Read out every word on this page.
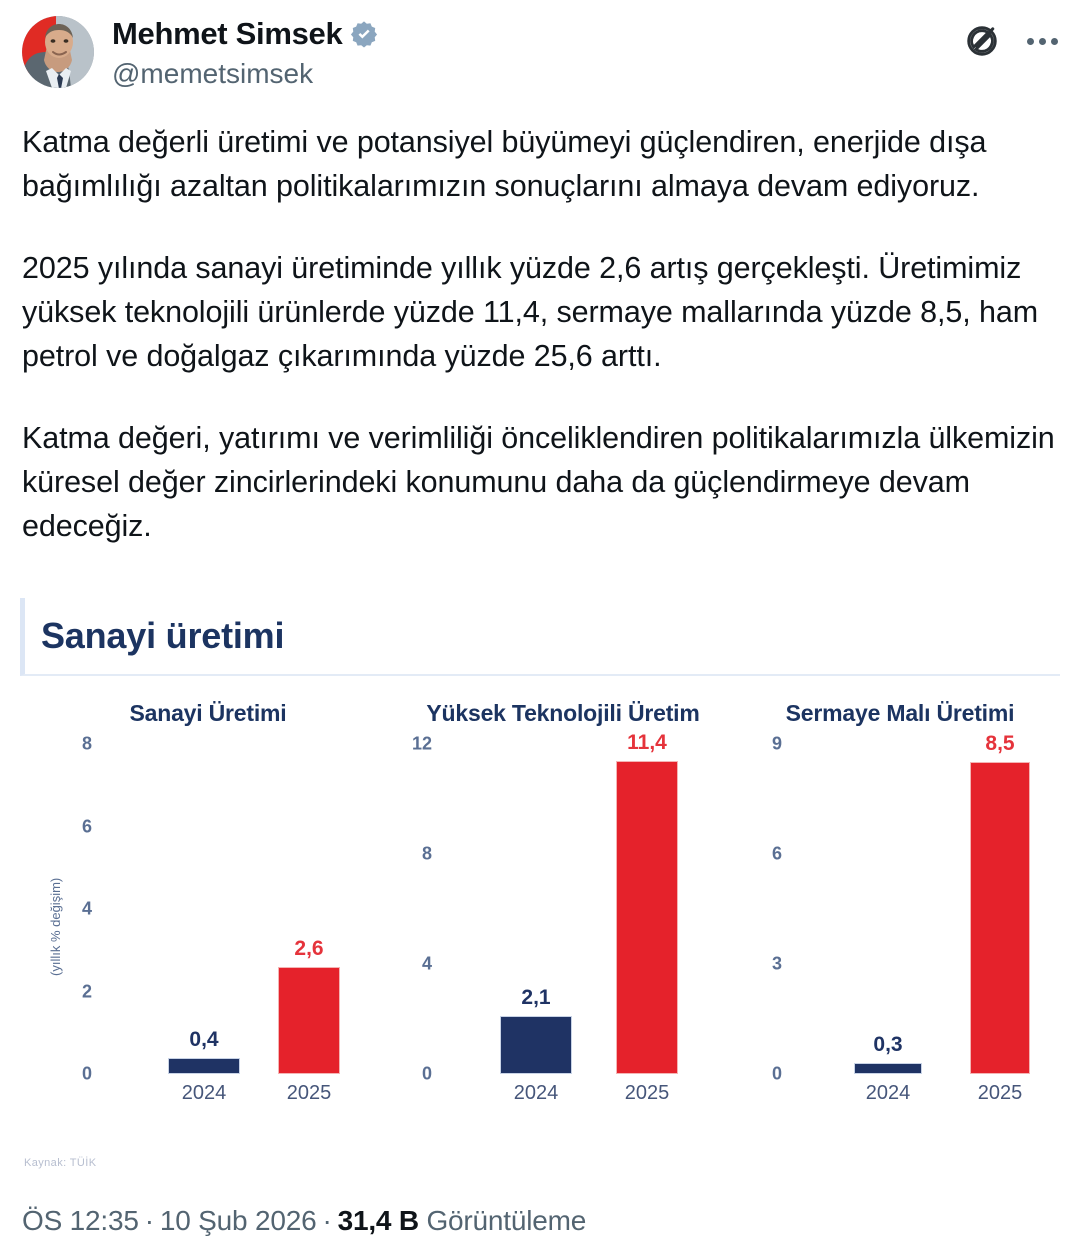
Mehmet Simsek
@memetsimsek

Katma değerli üretimi ve potansiyel büyümeyi güçlendiren, enerjide dışa bağımlılığı azaltan politikalarımızın sonuçlarını almaya devam ediyoruz.

2025 yılında sanayi üretiminde yıllık yüzde 2,6 artış gerçekleşti. Üretimimiz yüksek teknolojili ürünlerde yüzde 11,4, sermaye mallarında yüzde 8,5, ham petrol ve doğalgaz çıkarımında yüzde 25,6 arttı.

Katma değeri, yatırımı ve verimliliği önceliklendiren politikalarımızla ülkemizin küresel değer zincirlerindeki konumunu daha da güçlendirmeye devam edeceğiz.

Sanayi üretimi
Sanayi Üretimi
0
2
4
6
8
(yıllık % değişim)
0,4
2024
2,6
2025
Yüksek Teknolojili Üretim
0
4
8
12
2,1
2024
11,4
2025
Sermaye Malı Üretimi
0
3
6
9
0,3
2024
8,5
2025
Kaynak: TÜİK
ÖS 12:35 · 10 Şub 2026 · 31,4 B Görüntüleme
